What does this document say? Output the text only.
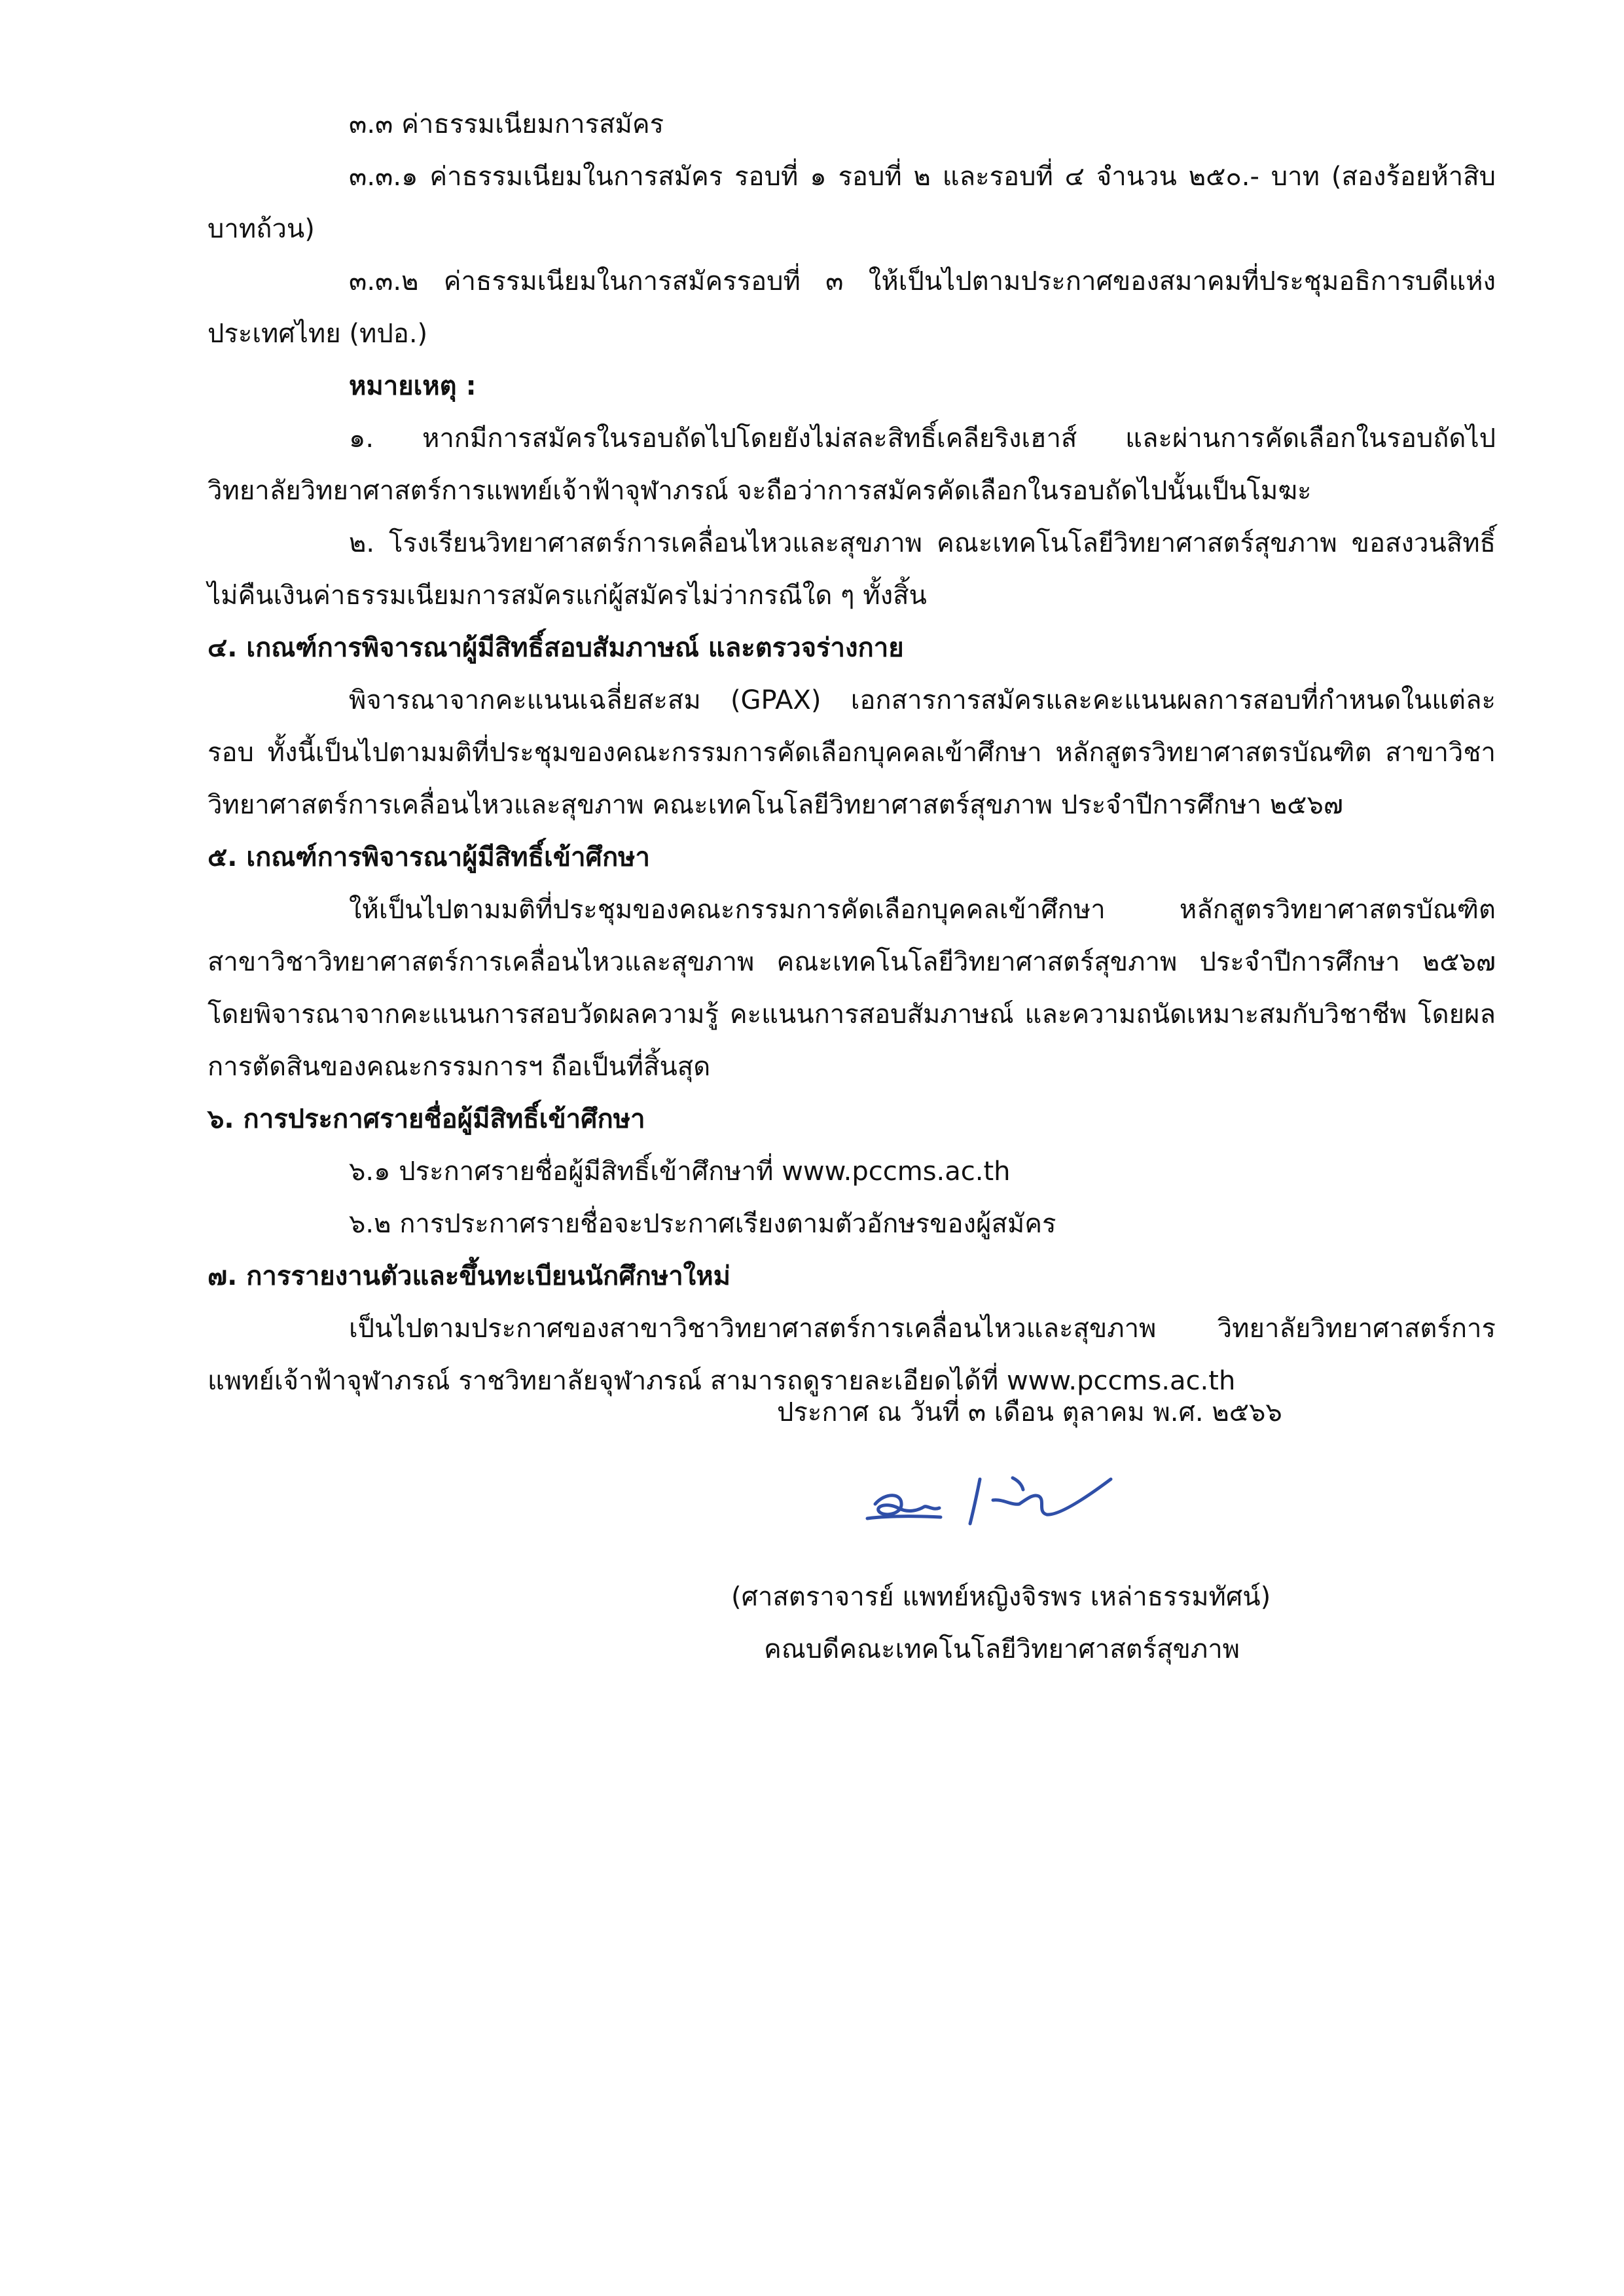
๓.๓ ค่าธรรมเนียมการสมัคร

๓.๓.๑ ค่าธรรมเนียมในการสมัคร รอบที่ ๑ รอบที่ ๒ และรอบที่ ๔ จำนวน ๒๕๐.- บาท (สองร้อยห้าสิบบาทถ้วน)

๓.๓.๒ ค่าธรรมเนียมในการสมัครรอบที่ ๓ ให้เป็นไปตามประกาศของสมาคมที่ประชุมอธิการบดีแห่งประเทศไทย (ทปอ.)

หมายเหตุ :

๑. หากมีการสมัครในรอบถัดไปโดยยังไม่สละสิทธิ์เคลียริงเฮาส์ และผ่านการคัดเลือกในรอบถัดไปวิทยาลัยวิทยาศาสตร์การแพทย์เจ้าฟ้าจุฬาภรณ์ จะถือว่าการสมัครคัดเลือกในรอบถัดไปนั้นเป็นโมฆะ

๒. โรงเรียนวิทยาศาสตร์การเคลื่อนไหวและสุขภาพ คณะเทคโนโลยีวิทยาศาสตร์สุขภาพ ขอสงวนสิทธิ์ไม่คืนเงินค่าธรรมเนียมการสมัครแก่ผู้สมัครไม่ว่ากรณีใด ๆ ทั้งสิ้น

๔. เกณฑ์การพิจารณาผู้มีสิทธิ์สอบสัมภาษณ์ และตรวจร่างกาย

พิจารณาจากคะแนนเฉลี่ยสะสม (GPAX) เอกสารการสมัครและคะแนนผลการสอบที่กำหนดในแต่ละรอบ ทั้งนี้เป็นไปตามมติที่ประชุมของคณะกรรมการคัดเลือกบุคคลเข้าศึกษา หลักสูตรวิทยาศาสตรบัณฑิต สาขาวิชาวิทยาศาสตร์การเคลื่อนไหวและสุขภาพ คณะเทคโนโลยีวิทยาศาสตร์สุขภาพ ประจำปีการศึกษา ๒๕๖๗

๕. เกณฑ์การพิจารณาผู้มีสิทธิ์เข้าศึกษา

ให้เป็นไปตามมติที่ประชุมของคณะกรรมการคัดเลือกบุคคลเข้าศึกษา หลักสูตรวิทยาศาสตรบัณฑิต สาขาวิชาวิทยาศาสตร์การเคลื่อนไหวและสุขภาพ คณะเทคโนโลยีวิทยาศาสตร์สุขภาพ ประจำปีการศึกษา ๒๕๖๗ โดยพิจารณาจากคะแนนการสอบวัดผลความรู้ คะแนนการสอบสัมภาษณ์ และความถนัดเหมาะสมกับวิชาชีพ โดยผลการตัดสินของคณะกรรมการฯ ถือเป็นที่สิ้นสุด

๖. การประกาศรายชื่อผู้มีสิทธิ์เข้าศึกษา

๖.๑ ประกาศรายชื่อผู้มีสิทธิ์เข้าศึกษาที่ www.pccms.ac.th

๖.๒ การประกาศรายชื่อจะประกาศเรียงตามตัวอักษรของผู้สมัคร

๗. การรายงานตัวและขึ้นทะเบียนนักศึกษาใหม่

เป็นไปตามประกาศของสาขาวิชาวิทยาศาสตร์การเคลื่อนไหวและสุขภาพ วิทยาลัยวิทยาศาสตร์การแพทย์เจ้าฟ้าจุฬาภรณ์ ราชวิทยาลัยจุฬาภรณ์ สามารถดูรายละเอียดได้ที่ www.pccms.ac.th

ประกาศ ณ วันที่ ๓ เดือน ตุลาคม พ.ศ. ๒๕๖๖
(ศาสตราจารย์ แพทย์หญิงจิรพร เหล่าธรรมทัศน์)
คณบดีคณะเทคโนโลยีวิทยาศาสตร์สุขภาพ
